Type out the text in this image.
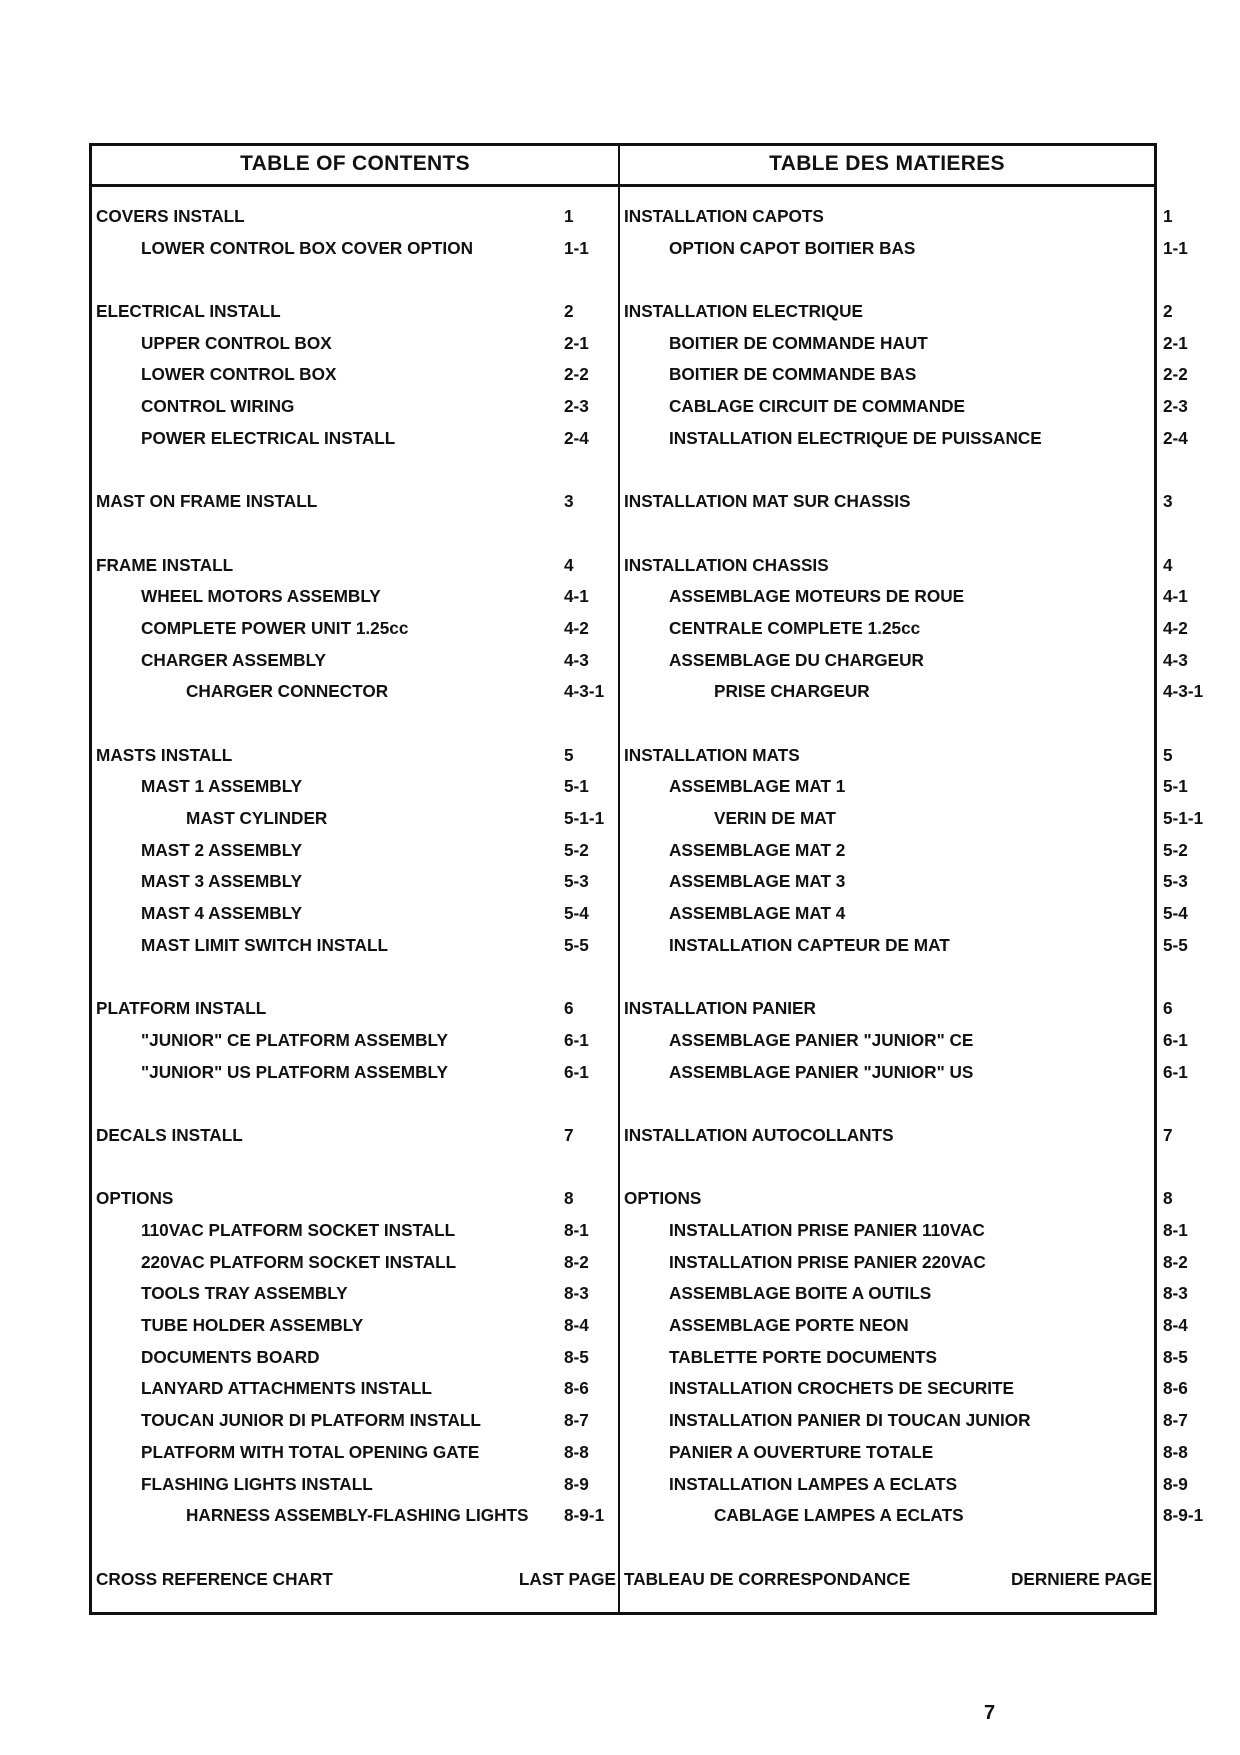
TABLE OF CONTENTS
COVERS INSTALL	1
LOWER CONTROL BOX COVER OPTION	1-1
ELECTRICAL INSTALL	2
UPPER CONTROL BOX	2-1
LOWER CONTROL BOX	2-2
CONTROL WIRING	2-3
POWER ELECTRICAL INSTALL	2-4
MAST ON FRAME INSTALL	3
FRAME INSTALL	4
WHEEL MOTORS ASSEMBLY	4-1
COMPLETE POWER UNIT 1.25cc	4-2
CHARGER ASSEMBLY	4-3
CHARGER CONNECTOR	4-3-1
MASTS INSTALL	5
MAST 1 ASSEMBLY	5-1
MAST CYLINDER	5-1-1
MAST 2 ASSEMBLY	5-2
MAST 3 ASSEMBLY	5-3
MAST 4 ASSEMBLY	5-4
MAST LIMIT SWITCH INSTALL	5-5
PLATFORM INSTALL	6
"JUNIOR" CE PLATFORM ASSEMBLY	6-1
"JUNIOR" US PLATFORM ASSEMBLY	6-1
DECALS INSTALL	7
OPTIONS	8
110VAC PLATFORM SOCKET INSTALL	8-1
220VAC PLATFORM SOCKET INSTALL	8-2
TOOLS TRAY ASSEMBLY	8-3
TUBE HOLDER ASSEMBLY	8-4
DOCUMENTS BOARD	8-5
LANYARD ATTACHMENTS INSTALL	8-6
TOUCAN JUNIOR DI PLATFORM INSTALL	8-7
PLATFORM WITH TOTAL OPENING GATE	8-8
FLASHING LIGHTS INSTALL	8-9
HARNESS ASSEMBLY-FLASHING LIGHTS 8-9-1
CROSS REFERENCE CHART	LAST PAGE
TABLE DES MATIERES
INSTALLATION CAPOTS	1
OPTION CAPOT BOITIER BAS	1-1
INSTALLATION ELECTRIQUE	2
BOITIER DE COMMANDE HAUT	2-1
BOITIER DE COMMANDE BAS	2-2
CABLAGE CIRCUIT DE COMMANDE	2-3
INSTALLATION ELECTRIQUE DE PUISSANCE	2-4
INSTALLATION MAT SUR CHASSIS	3
INSTALLATION CHASSIS	4
ASSEMBLAGE MOTEURS DE ROUE	4-1
CENTRALE COMPLETE 1.25cc	4-2
ASSEMBLAGE DU CHARGEUR	4-3
PRISE CHARGEUR	4-3-1
INSTALLATION MATS	5
ASSEMBLAGE MAT 1	5-1
VERIN DE MAT	5-1-1
ASSEMBLAGE MAT 2	5-2
ASSEMBLAGE MAT 3	5-3
ASSEMBLAGE MAT 4	5-4
INSTALLATION CAPTEUR DE MAT	5-5
INSTALLATION PANIER	6
ASSEMBLAGE PANIER "JUNIOR" CE	6-1
ASSEMBLAGE PANIER "JUNIOR" US	6-1
INSTALLATION AUTOCOLLANTS	7
OPTIONS	8
INSTALLATION PRISE PANIER 110VAC	8-1
INSTALLATION PRISE PANIER 220VAC	8-2
ASSEMBLAGE BOITE A OUTILS	8-3
ASSEMBLAGE PORTE NEON	8-4
TABLETTE PORTE DOCUMENTS	8-5
INSTALLATION CROCHETS DE SECURITE	8-6
INSTALLATION PANIER DI TOUCAN JUNIOR	8-7
PANIER A OUVERTURE TOTALE	8-8
INSTALLATION LAMPES A ECLATS	8-9
CABLAGE LAMPES A ECLATS	8-9-1
TABLEAU DE CORRESPONDANCE	DERNIERE PAGE
7
